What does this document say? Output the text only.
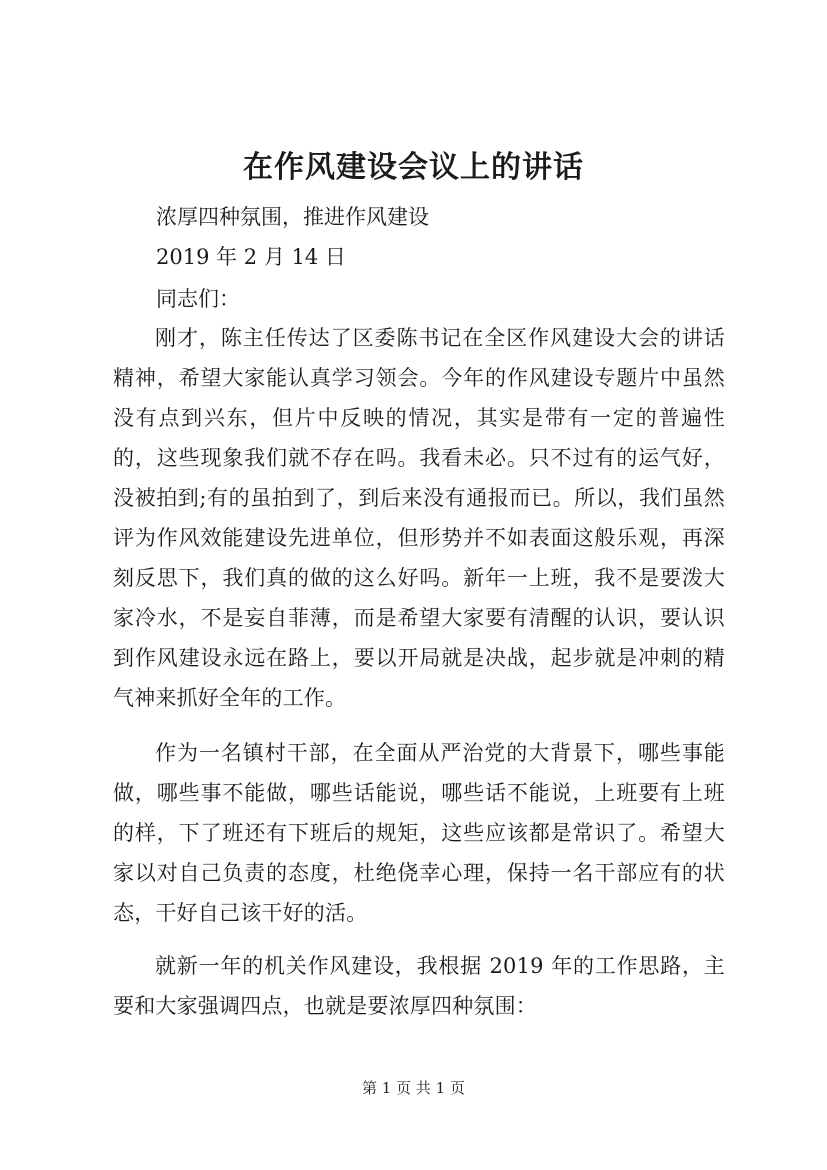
在作风建设会议上的讲话

浓厚四种氛围，推进作风建设

2019 年 2 月 14 日

同志们：

刚才，陈主任传达了区委陈书记在全区作风建设大会的讲话精神，希望大家能认真学习领会。今年的作风建设专题片中虽然没有点到兴东，但片中反映的情况，其实是带有一定的普遍性的，这些现象我们就不存在吗。我看未必。只不过有的运气好，没被拍到;有的虽拍到了，到后来没有通报而已。所以，我们虽然评为作风效能建设先进单位，但形势并不如表面这般乐观，再深刻反思下，我们真的做的这么好吗。新年一上班，我不是要泼大家冷水，不是妄自菲薄，而是希望大家要有清醒的认识，要认识到作风建设永远在路上，要以开局就是决战，起步就是冲刺的精气神来抓好全年的工作。

作为一名镇村干部，在全面从严治党的大背景下，哪些事能做，哪些事不能做，哪些话能说，哪些话不能说，上班要有上班的样，下了班还有下班后的规矩，这些应该都是常识了。希望大家以对自己负责的态度，杜绝侥幸心理，保持一名干部应有的状态，干好自己该干好的活。

就新一年的机关作风建设，我根据 2019 年的工作思路，主要和大家强调四点，也就是要浓厚四种氛围：

第 1 页 共 1 页
